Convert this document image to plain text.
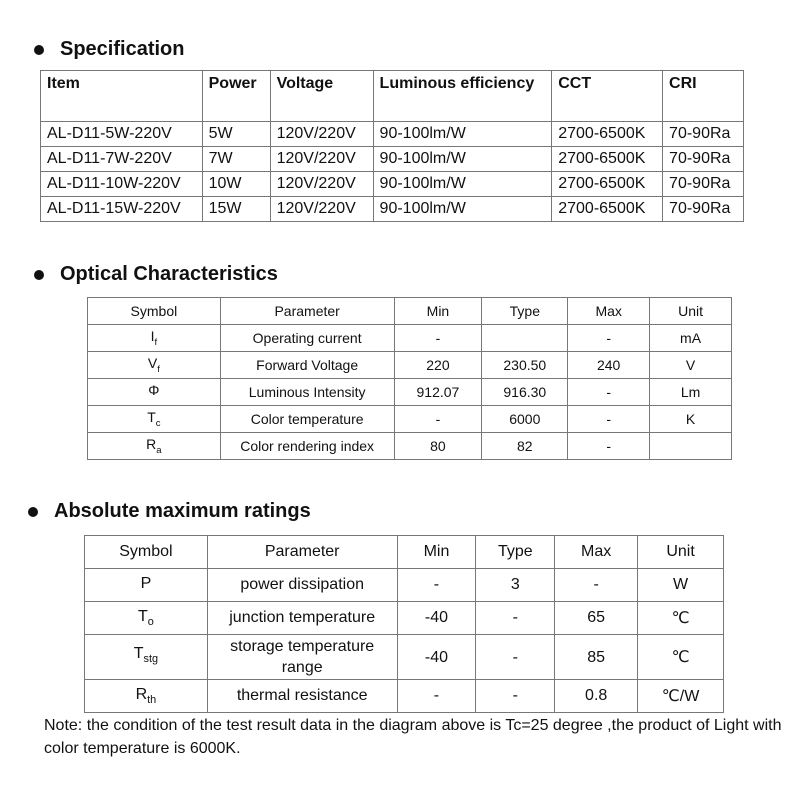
Specification
Item	Power	Voltage	Luminous efficiency	CCT	CRI
AL-D11-5W-220V	5W	120V/220V	90-100lm/W	2700-6500K	70-90Ra
AL-D11-7W-220V	7W	120V/220V	90-100lm/W	2700-6500K	70-90Ra
AL-D11-10W-220V	10W	120V/220V	90-100lm/W	2700-6500K	70-90Ra
AL-D11-15W-220V	15W	120V/220V	90-100lm/W	2700-6500K	70-90Ra
Optical Characteristics
Symbol	Parameter	Min	Type	Max	Unit
$I_f$	Operating current	-		-	mA
$V_f$	Forward Voltage	220	230.50	240	V
Φ	Luminous Intensity	912.07	916.30	-	Lm
$T_c$	Color temperature	-	6000	-	K
$R_a$	Color rendering index	80	82	-	
Absolute maximum ratings
Symbol	Parameter	Min	Type	Max	Unit
P	power dissipation	-	3	-	W
$T_o$	junction temperature	-40	-	65	℃
$T_{stg}$	storage temperature range	-40	-	85	℃
$R_{th}$	thermal resistance	-	-	0.8	℃/W
Note: the condition of the test result data in the diagram above is Tc=25 degree ,the product of Light with color temperature is 6000K.
